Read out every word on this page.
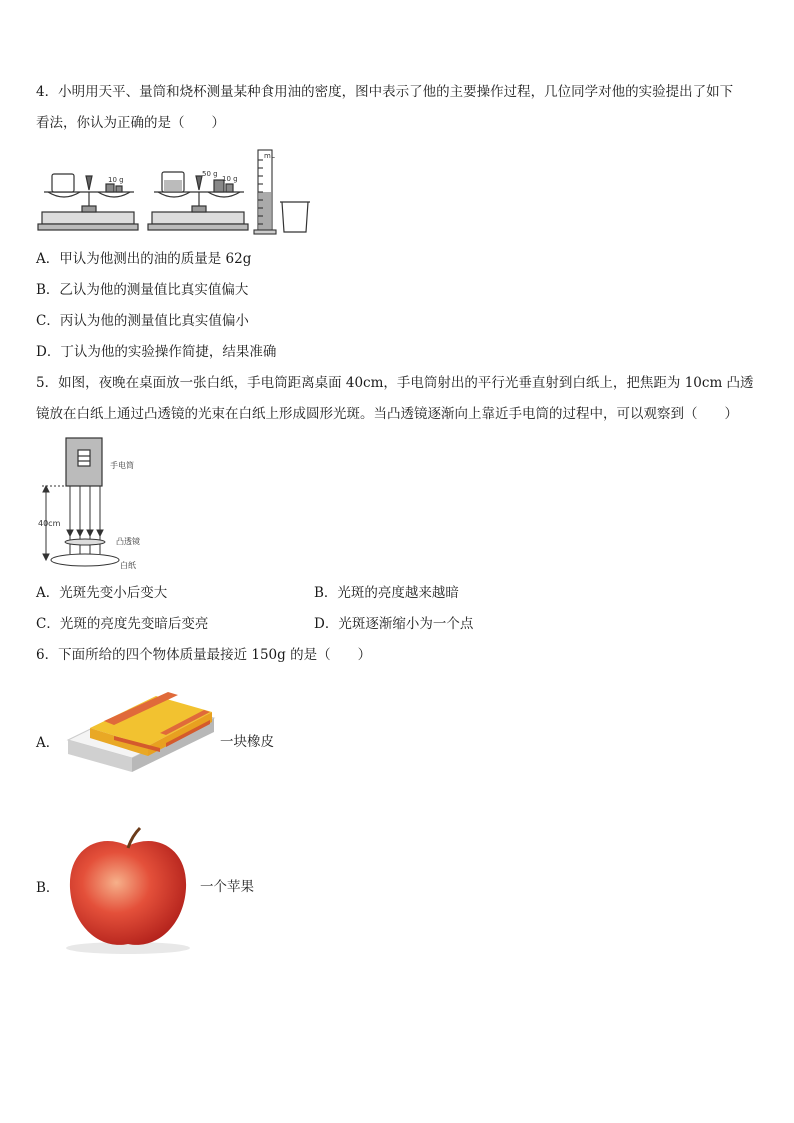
4．小明用天平、量筒和烧杯测量某种食用油的密度，图中表示了他的主要操作过程，几位同学对他的实验提出了如下
看法，你认为正确的是（　　）
10 g
50 g
10 g
mL
A．甲认为他测出的油的质量是 62g
B．乙认为他的测量值比真实值偏大
C．丙认为他的测量值比真实值偏小
D．丁认为他的实验操作简捷，结果准确
5．如图，夜晚在桌面放一张白纸，手电筒距离桌面 40cm，手电筒射出的平行光垂直射到白纸上，把焦距为 10cm 凸透
镜放在白纸上通过凸透镜的光束在白纸上形成圆形光斑。当凸透镜逐渐向上靠近手电筒的过程中，可以观察到（　　）
手电筒
40cm
凸透镜
白纸
A．光斑先变小后变大	B．光斑的亮度越来越暗
C．光斑的亮度先变暗后变亮	D．光斑逐渐缩小为一个点
6．下面所给的四个物体质量最接近 150g 的是（　　）
A．	一块橡皮
B．	一个苹果
